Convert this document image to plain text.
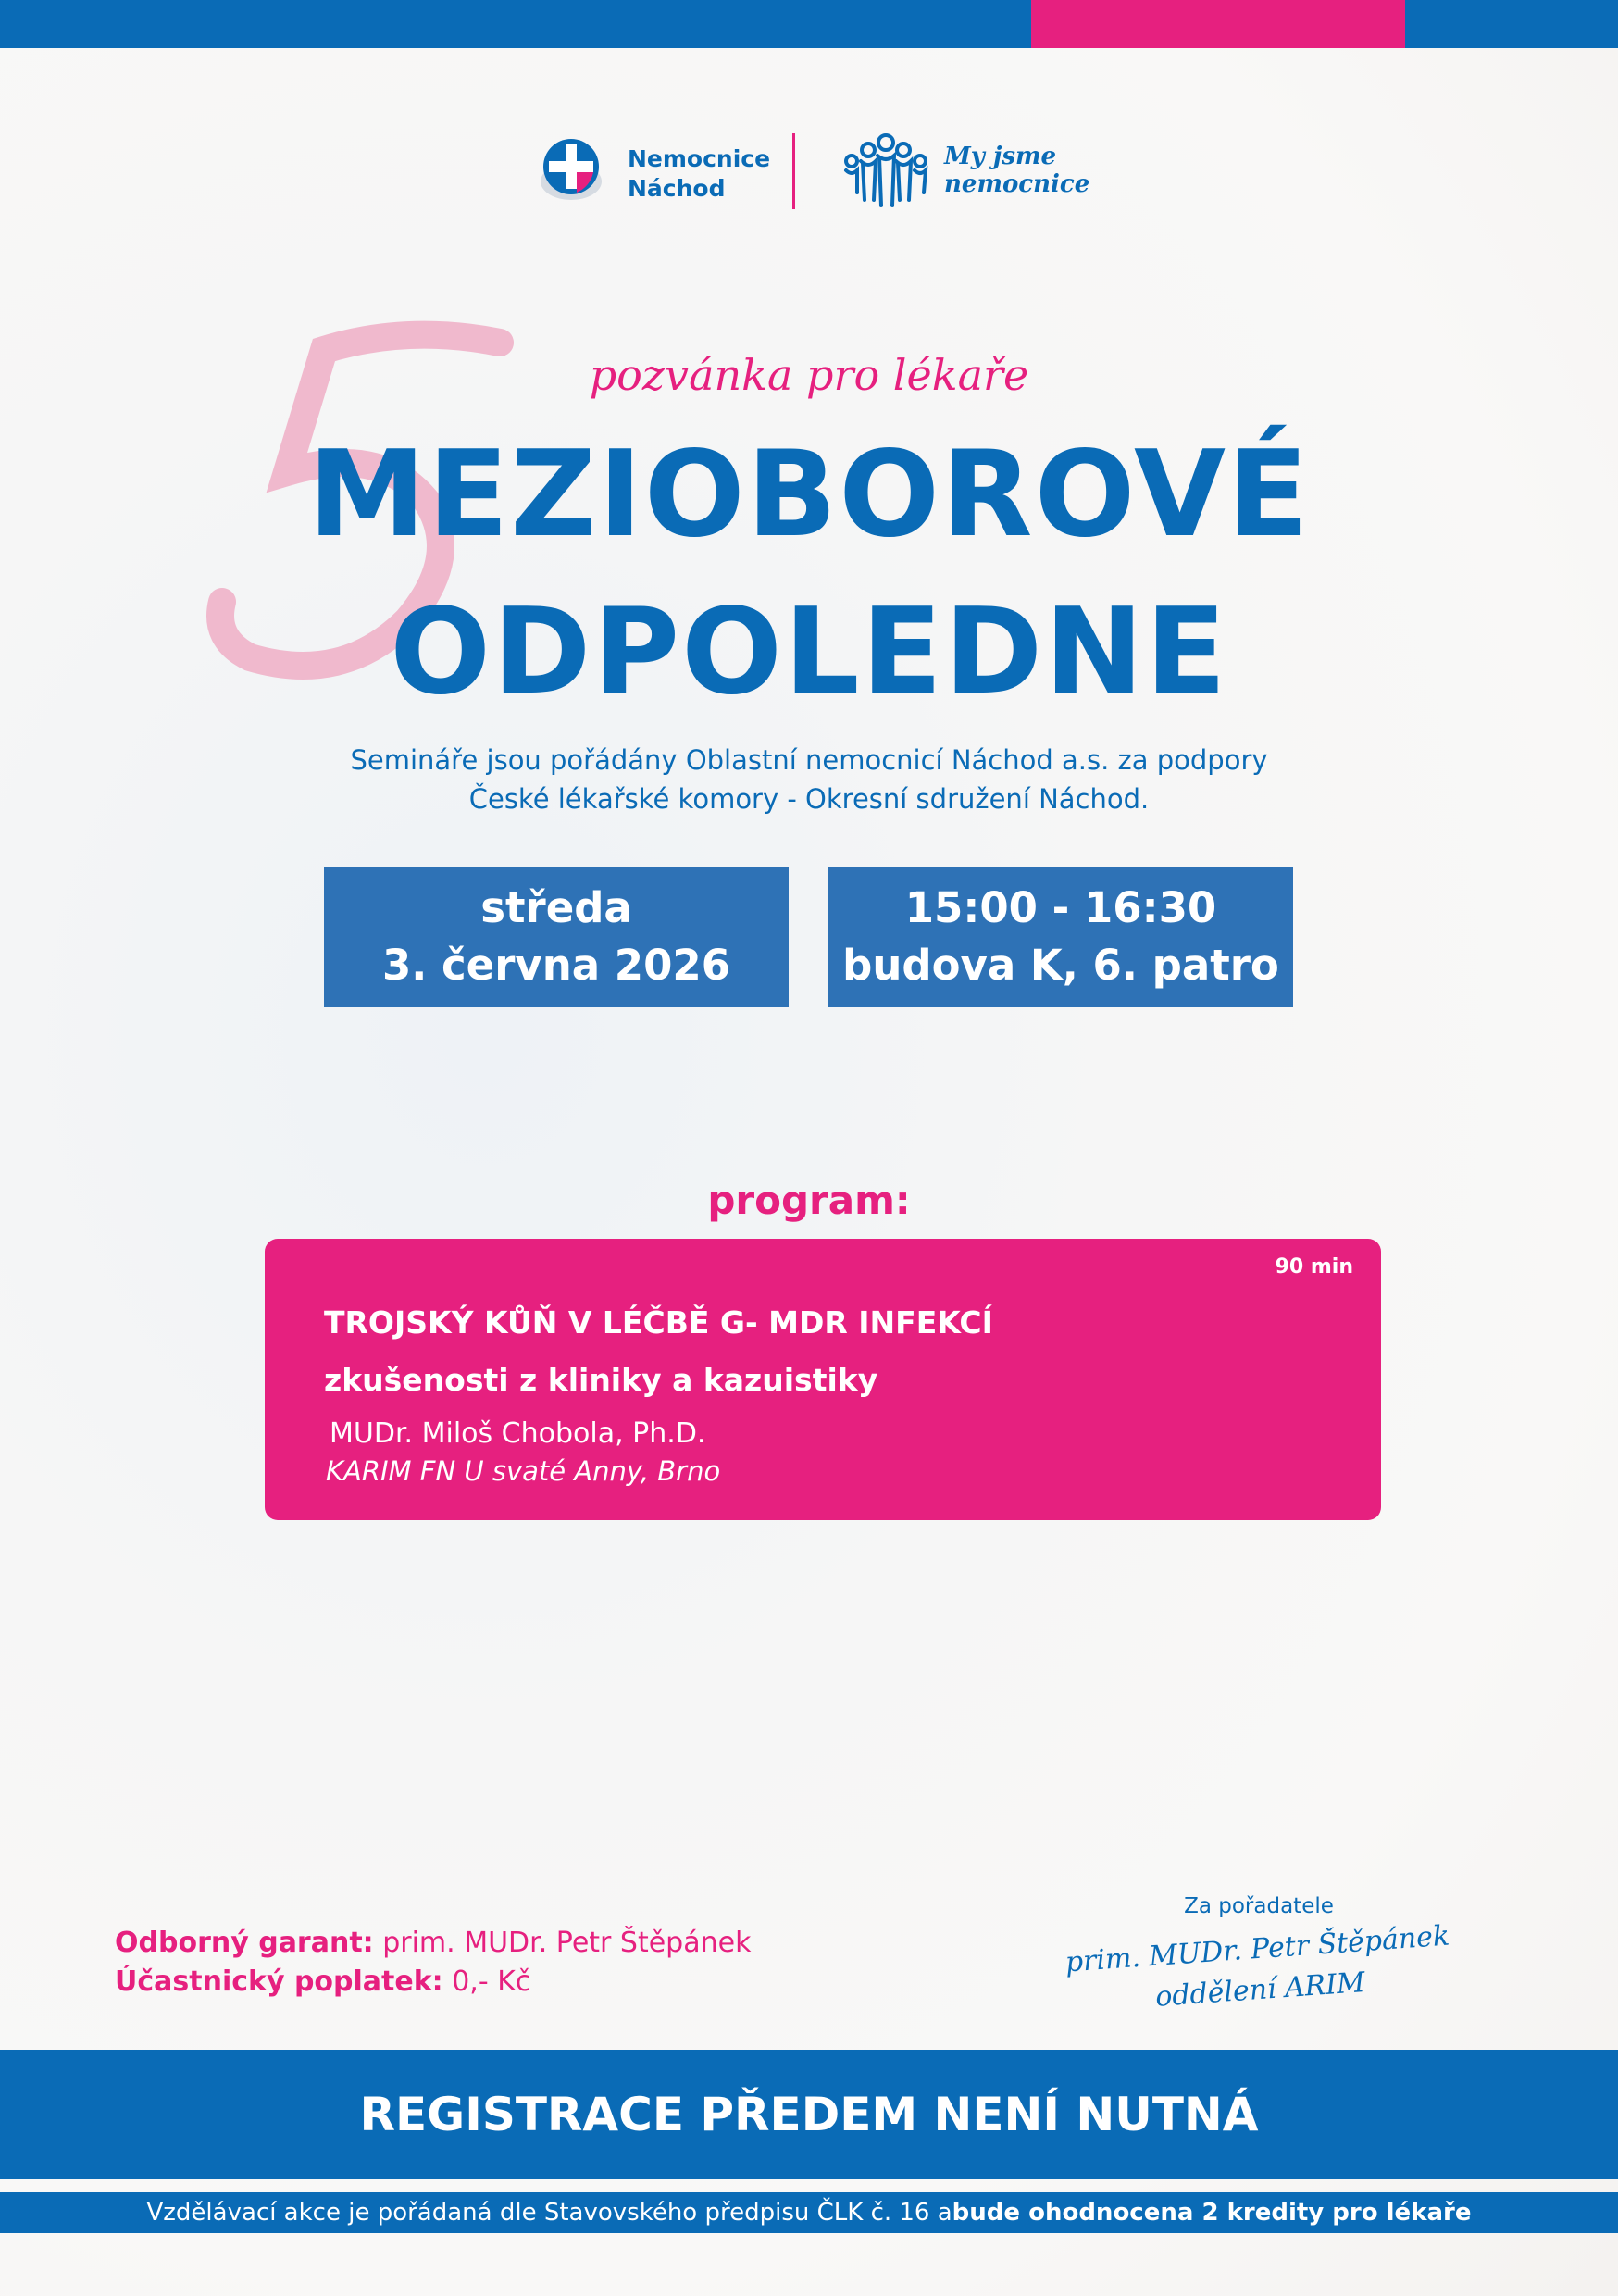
Nemocnice
Náchod
My jsme
nemocnice
5
pozvánka pro lékaře
MEZIOBOROVÉ
ODPOLEDNE
Semináře jsou pořádány Oblastní nemocnicí Náchod a.s. za podpory
České lékařské komory - Okresní sdružení Náchod.
středa
3. června 2026
15:00 - 16:30
budova K, 6. patro
program:
90 min
TROJSKÝ KŮŇ V LÉČBĚ G- MDR INFEKCÍ
zkušenosti z kliniky a kazuistiky
MUDr. Miloš Chobola, Ph.D.
KARIM FN U svaté Anny, Brno
Odborný garant: prim. MUDr. Petr Štěpánek
Účastnický poplatek: 0,- Kč
Za pořadatele
prim. MUDr. Petr Štěpánek
oddělení ARIM
REGISTRACE PŘEDEM NENÍ NUTNÁ
Vzdělávací akce je pořádaná dle Stavovského předpisu ČLK č. 16 a bude ohodnocena 2 kredity pro lékaře
